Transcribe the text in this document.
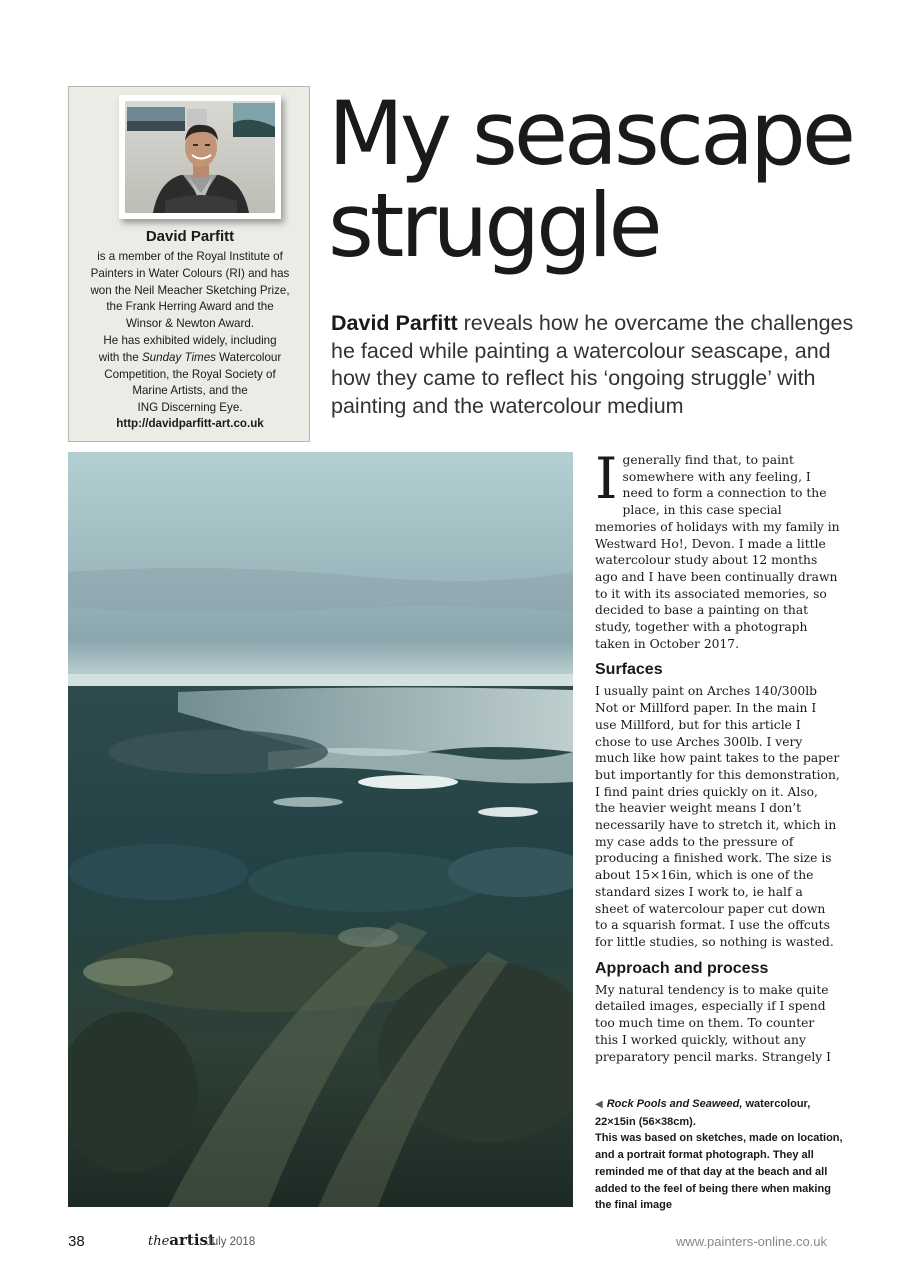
David Parfitt
is a member of the Royal Institute of
Painters in Water Colours (RI) and has
won the Neil Meacher Sketching Prize,
the Frank Herring Award and the
Winsor & Newton Award.
He has exhibited widely, including
with the Sunday Times Watercolour
Competition, the Royal Society of
Marine Artists, and the
ING Discerning Eye.
http://davidparfitt-art.co.uk
My seascape
struggle
David Parfitt reveals how he overcame the challenges he faced while painting a watercolour seascape, and how they came to reflect his ‘ongoing struggle’ with painting and the watercolour medium

Igenerally find that, to paint somewhere with any feeling, I need to form a connection to the place, in this case special memories of holidays with my family in Westward Ho!, Devon. I made a little watercolour study about 12 months ago and I have been continually drawn to it with its associated memories, so decided to base a painting on that study, together with a photograph taken in October 2017.

Surfaces

I usually paint on Arches 140/300lb Not or Millford paper. In the main I use Millford, but for this article I chose to use Arches 300lb. I very much like how paint takes to the paper but importantly for this demonstration, I find paint dries quickly on it. Also, the heavier weight means I don’t necessarily have to stretch it, which in my case adds to the pressure of producing a finished work. The size is about 15×16in, which is one of the standard sizes I work to, ie half a sheet of watercolour paper cut down to a squarish format. I use the offcuts for little studies, so nothing is wasted.

Approach and process

My natural tendency is to make quite detailed images, especially if I spend too much time on them. To counter this I worked quickly, without any preparatory pencil marks. Strangely I

◀ Rock Pools and Seaweed, watercolour,
22×15in (56×38cm).
This was based on sketches, made on location, and a portrait format photograph. They all reminded me of that day at the beach and all added to the feel of being there when making the final image
38	theartist
July 2018	www.painters-online.co.uk
